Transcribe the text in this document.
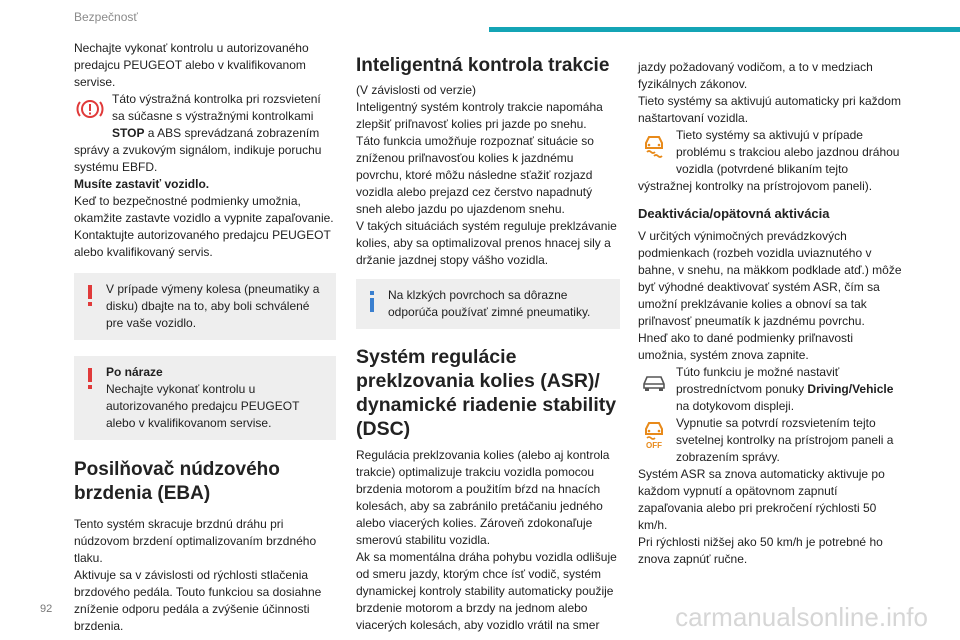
Bezpečnosť

Nechajte vykonať kontrolu u autorizovaného predajcu PEUGEOT alebo v kvalifikovanom servise.

Táto výstražná kontrolka pri rozsvietení sa súčasne s výstražnými kontrolkami STOP a ABS sprevádzaná zobrazením správy a zvukovým signálom, indikuje poruchu systému EBFD.

Musíte zastaviť vozidlo.

Keď to bezpečnostné podmienky umožnia, okamžite zastavte vozidlo a vypnite zapaľovanie. Kontaktujte autorizovaného predajcu PEUGEOT alebo kvalifikovaný servis.

V prípade výmeny kolesa (pneumatiky a disku) dbajte na to, aby boli schválené pre vaše vozidlo.
Po náraze
Nechajte vykonať kontrolu u autorizovaného predajcu PEUGEOT alebo v kvalifikovanom servise.
Posilňovač núdzového brzdenia (EBA)

Tento systém skracuje brzdnú dráhu pri núdzovom brzdení optimalizovaním brzdného tlaku.

Aktivuje sa v závislosti od rýchlosti stlačenia brzdového pedála. Touto funkciou sa dosiahne zníženie odporu pedála a zvýšenie účinnosti brzdenia.

Inteligentná kontrola trakcie

(V závislosti od verzie)

Inteligentný systém kontroly trakcie napomáha zlepšiť priľnavosť kolies pri jazde po snehu.

Táto funkcia umožňuje rozpoznať situácie so zníženou priľnavosťou kolies k jazdnému povrchu, ktoré môžu následne sťažiť rozjazd vozidla alebo prejazd cez čerstvo napadnutý sneh alebo jazdu po ujazdenom snehu.

V takých situáciách systém reguluje preklzávanie kolies, aby sa optimalizoval prenos hnacej sily a držanie jazdnej stopy vášho vozidla.

Na klzkých povrchoch sa dôrazne odporúča používať zimné pneumatiky.
Systém regulácie preklzovania kolies (ASR)/ dynamické riadenie stability (DSC)

Regulácia preklzovania kolies (alebo aj kontrola trakcie) optimalizuje trakciu vozidla pomocou brzdenia motorom a použitím bŕzd na hnacích kolesách, aby sa zabránilo pretáčaniu jedného alebo viacerých kolies. Zároveň zdokonaľuje smerovú stabilitu vozidla.

Ak sa momentálna dráha pohybu vozidla odlišuje od smeru jazdy, ktorým chce ísť vodič, systém dynamickej kontroly stability automaticky použije brzdenie motorom a brzdy na jednom alebo viacerých kolesách, aby vozidlo vrátil na smer

jazdy požadovaný vodičom, a to v medziach fyzikálnych zákonov.

Tieto systémy sa aktivujú automaticky pri každom naštartovaní vozidla.

Tieto systémy sa aktivujú v prípade problému s trakciou alebo jazdnou dráhou vozidla (potvrdené blikaním tejto výstražnej kontrolky na prístrojovom paneli).
Deaktivácia/opätovná aktivácia

V určitých výnimočných prevádzkových podmienkach (rozbeh vozidla uviaznutého v bahne, v snehu, na mäkkom podklade atď.) môže byť výhodné deaktivovať systém ASR, čím sa umožní preklzávanie kolies a obnoví sa tak priľnavosť pneumatík k jazdnému povrchu.

Hneď ako to dané podmienky priľnavosti umožnia, systém znova zapnite.

Túto funkciu je možné nastaviť prostredníctvom ponuky Driving/Vehicle na dotykovom displeji.
OFF
Vypnutie sa potvrdí rozsvietením tejto svetelnej kontrolky na prístrojom paneli a zobrazením správy.

Systém ASR sa znova automaticky aktivuje po každom vypnutí a opätovnom zapnutí zapaľovania alebo pri prekročení rýchlosti 50 km/h.

Pri rýchlosti nižšej ako 50 km/h je potrebné ho znova zapnúť ručne.

92	carmanualsonline.info
